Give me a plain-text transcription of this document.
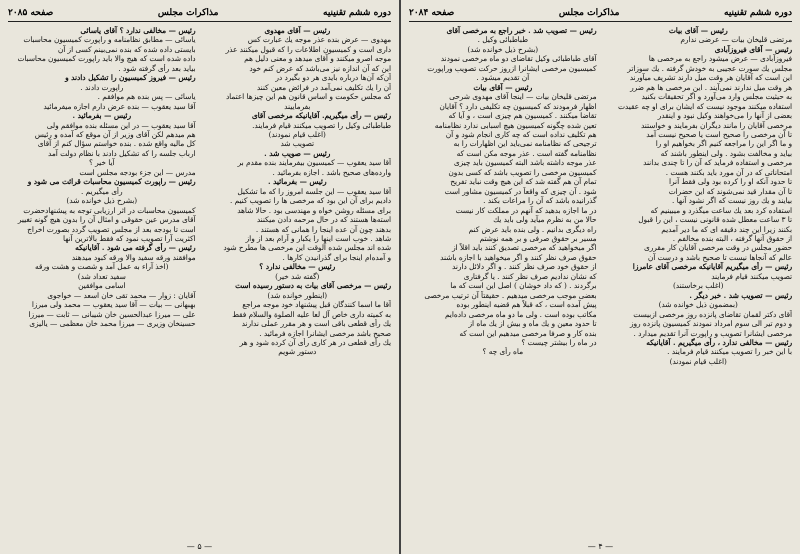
دوره ششم تقنینیه
مذاکرات مجلس
صفحه ۲۰۸۵
رئیس — آقای مهدوی
مهدوی — عرض بنده عذر موجه یك عبارت کس
داری است و کمیسیون اطلاعات را که قبول میکنند عذر
موجه اصرو میکنند و آقای میدهد و معنی دلیل هم
این که آن اندازه نیز می‌باشد که عرض کنم خود
آن‌که آن‌ها درباره بایدی هر دو بگیرد در
آن را یك تکلیف نمی‌آمد در فرائض معین کنند
که مجلس حکومت و اساس قانون هم این چیزها اعتماد
بفرماییند
رئیس — رأی میگیریم. آقایانیکه مرخصی آقای
طباطبائی وکیل را تصویب میکنند قیام فرمایند.
(اغلب قیام نمودند)
تصویب شد
رئیس — صویب شد .
آقا سید یعقوب — کمیسیون بیفرمایند بنده مقدم بر
وارده‌های صحیح باشد . اجازه بفرمائید .
رئیس — بفرمائید .
آقا سید یعقوب — این جلسه امروز را که ما تشکیل
دادیم برای آن این بود که مرخصی ها را تصویب کنیم .
برای مسئله روشن خواه و مهندسی بود . حالا شاهد
استه‌ها هستند که در حال مرحمه دادن میکنند
بدهند چون آن عده اینجا را همانی که هستند .
شاهد . خوب است اینها را یکبار و آرام بعد از واز
شده اند مجلس شده آلوقت این مرخصی ها مطرح شود
و آمده‌ام اینجا برای گذرانیدن کارها .
رئیس — مخالفی ندارد ؟
(گفته شد خیر)
رئیس — مرخصی آقای بیات به دستور رسیده است
(اینطور خوانده شد)
آقا ما اسما کنندگان قبل پیشنهاد خود موجه مراجع
به کمیته داری خاص آل لعا علیه الصلوة والسلام فقط
یك رأی قطعی باقی است و هر مقرر عملی ندارند
صحیح باشد مرخصی ایشانرا اجازه فرمائید .
یك رأی قطعی در هر کاری رأی آن کرده شود و هر
دستور شویم
رئیس — مخالفی ندارد ؟ آقای یاسائی
یاسائی — مطابق نظامنامه و راپورت کمیسیون محاسبات
بایستی داده شده که بنده نمی‌بینم کسی از آن
داده شده است که هیچ والا باید راپورت کمیسیون محاسبات
بیاید بعد رأی گرفته شود .
رئیس — فیروز کمیسیون را تشکیل دادند و
راپورت دادند .
یاسائی — پس بنده هم موافقم .
آقا سید یعقوب — بنده عرض دارم اجازه میفرمائید
رئیس — بفرمائید .
آقا سید یعقوب — در این مسئله بنده موافقم ولی
هم میدهم لکن آقای وزیر از آن موقع که آمده و رئیس
کل مالیه واقع شده . بنده خواستم سؤال کنم از آقای
ارباب جلسه را که تشکیل دادند با نظام دولت آمد
آیا خیر ؟
مدرس — این جزء بودجه مجلس است
رئیس — راپورت کمیسیون محاسبات قرائت می شود و
رأی میگیریم .
(بشرح ذیل خوانده شد)
کمیسیون محاسبات در اثر ارزیابی توجه به پیشنهادحضرت
آقای مدرس عین حقوقی و امثال آن را بدون هیچ گونه تغییر
است تا بودجه بعد از مجلس تصویب گردد بصورت اخراج
اکثریت آرا تصویب نمود که فقط بالاترین آنها
رئیس — رأی گرفته می شود . آقایانیکه
موافقند ورقه سفید والا ورقه کبود میدهند
(اخذ آراء به عمل آمد و شصت و هشت ورقه
سفید تعداد شد)
اسامی موافقین
آقایان : زوار — محمد تقی خان اسعد — خواجوی
بهبهانی — بیات — آقا سید یعقوب — محمد ولی میرزا
علی — میرزا عبدالحسین خان شیبانی — ثابت — میرزا
حسینخان وزیری — میرزا محمد خان معظمی — یالیزی
— ۵ —
دوره ششم تقنینیه
مذاکرات مجلس
صفحه ۲۰۸۴
رئیس — آقای بیات
مرتضی قلیخان بیات — عرضی ندارم
رئیس — آقای فیروزآبادی
فیروزآبادی — عرض میشود راجع به مرخصی ها
مجلس یك سورت عجیبی به خودش گرفته . یك سوزاتر
این است که آقایان هر وقت میل دارند تشریف میآورند
هر وقت میل ندارند نمی‌آیند . این مرخصی ها هم ضرر
به حیثیت مجلس وارد می‌آورد و اگر تحقیقات بکنید
استفاده میکنند موجود نیست که ایشان برای او چه عقیدت
بعضی از آنها را می‌خواهند وکیل نبود و اینقدر
مرخصی آقایان را مانند دیگران بفرمایند و خواستند
تا آن مرخصی را صحیح است یا صحیح نیست آمد
و ما اگر این را مراجعه کنیم اگر بخواهیم او را
بیاید و مخالفت بشود . ولی اینطور باشند که
مرخصی و استفاده فرماید که آن را تا چندی بدانند
امتحاناتی که در آن مورد باید بکنند هست .
تا حدود آنکه او را کرده بود ولی فقط آنرا
تا آن مقدار قید نمی‌شوند که این حضرات
بیایند و یك روز نیست که اگر نشود آنها .
استفاده کرد بعد یك ساعت میگذرد و میبینیم که
تا ۳ ساعت معطل شده قانونی نیست ، این را قبول
بکنند زیرا این چند دقیقه ای که ما دیر آمدیم
از حقوق آنها گرفته ، البته بنده مخالفم .
حضور مجلس در وقت مرخصی آقایان کار مقرری
عالم که آنجاها نیست تا صحیح باشد و درست آن
رئیس — رأی میگیریم آقایانیکه مرخصی آقای عامرزا
تصویب میکنند قیام فرمایند
(اغلب برخاستند)
رئیس — تصویب شد . خبر دیگر .
(بمضمون ذیل خوانده شد)
آقای دکتر لقمان تقاضای پانزده روز مرخصی ازبیست
و دوم تیر الی سوم امرداد نمودند کمیسیون پانزده روز
مرخصی ایشانرا تصویب و راپورت آنرا تقدیم میدارد .
رئیس — مخالفی ندارد ، رأی میگیریم . آقایانیکه
با این خبر را تصویب میکنند قیام فرمایند .
(اغلب قیام نمودند)
رئیس — تصویب شد . خبر راجع به مرخصی آقای
طباطبائی وکیل .
(بشرح ذیل خوانده شد)
آقای طباطبائی وکیل تقاضای دو ماه مرخصی نمودند
کمیسیون مرخصی ایشانرا ازروز حرکت تصویب وراپورت
آن تقدیم میشود .
رئیس — آقای بیات
مرتضی قلیخان بیات — اینجا آقای مهدوی شرحی
اظهار فرمودند که کمیسیون چه تکلیفی دارد ؟ آقایان
تقاضا میکنند . کمیسیون هم چیزی است ، و آیا که
تعین شده چگونه کمیسیون هیچ اسبابی ندارد نظامنامه
هم تکلیف نداده است که چه کاری انجام شود و آن
ترجیحی که نظامنامه نمی‌باید این اظهارات را به
نظامنامه گفته است . عذر موجه مکن است که
عذر موجه داشته باشد البته کمیسیون باید چیزی
کمیسیون مرخصی را تصویب باشد که کسی بدون
تمام آن هم گفته شد که این هیچ وقت نباید تفریح
شود . آن چیزی که واقعاً در کمیسیون مشاور است
گذرانیده باشد که آن را مراعات بکند .
در ما اجازه بدهید که آنهم در مملکت کار نیست
حالا من به نظرم میآید ولی باید یك
راه دیگری بدانیم . ولی بنده باید عرض کنم
مسیر بر حقوق صرفی و بر همه نوشتم
اگر میخواهید که مرخصی تصدیق کنند باید اقلاً از
حقوق صرف نظر کنند و اگر میخواهید با اجازه باشند
از حقوق خود صرف نظر کنند . و اگر دلائل دارند
که نشان ندادیم صرف نظر کنند . یا گرفتاری
برگردند . ( که داد خوشان ) اصل این است که ما
بعضی موجب مرخصی میدهیم . حقیقتاً آن ترتیب مرخصی
پیش آمده است ، که قبلاً هم قضیه اینطور بوده
مکاتب بوده است . ولی ما دو ماه مرخصی داده‌ایم
تا حدود معین و یك ماه و بیش از یك ماه از
بنده کار و صرفا مرخصی میدهیم این است که
در ماه را بیشتر چیست ؟
ماه رأی چه ؟
— ۴ —
